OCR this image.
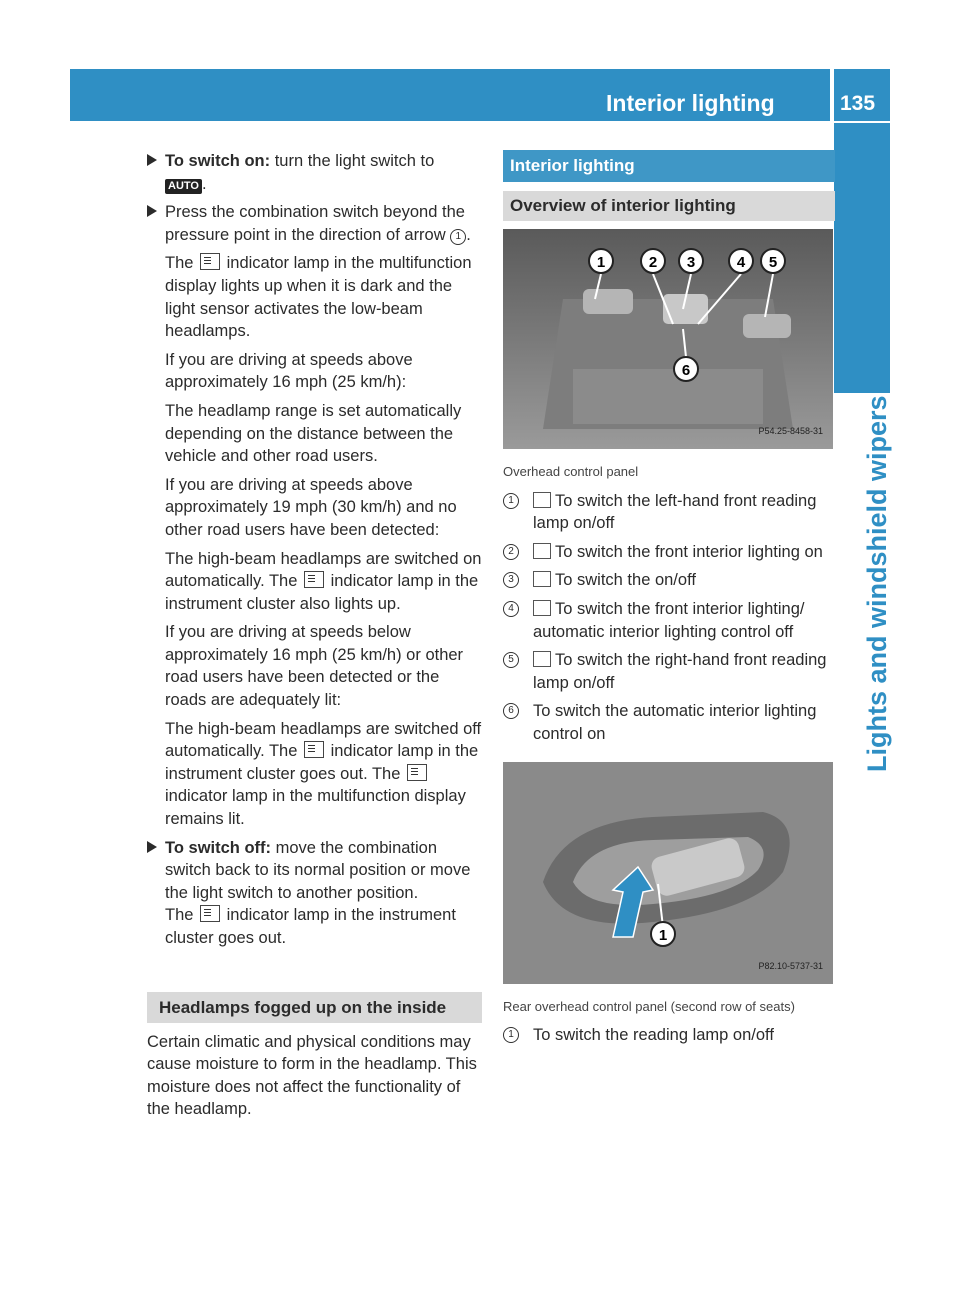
Interior lighting	135
Lights and windshield wipers
To switch on: turn the light switch to
AUTO .
Press the combination switch beyond the pressure point in the direction of arrow 1 .
The indicator lamp in the multifunction display lights up when it is dark and the light sensor activates the low-beam headlamps.
If you are driving at speeds above approximately 16 mph (25 km/h):
The headlamp range is set automatically depending on the distance between the vehicle and other road users.
If you are driving at speeds above approximately 19 mph (30 km/h) and no other road users have been detected:
The high-beam headlamps are switched on automatically. The indicator lamp in the instrument cluster also lights up.
If you are driving at speeds below approximately 16 mph (25 km/h) or other road users have been detected or the roads are adequately lit:
The high-beam headlamps are switched off automatically. The indicator lamp in the instrument cluster goes out. The  indicator lamp in the multifunction display remains lit.
To switch off: move the combination switch back to its normal position or move the light switch to another position.
The indicator lamp in the instrument cluster goes out.
Headlamps fogged up on the inside
Certain climatic and physical conditions may cause moisture to form in the headlamp. This moisture does not affect the functionality of the headlamp.
Interior lighting
Overview of interior lighting
1	2 3	4 5
6
P54.25-8458-31
Overhead control panel
1	To switch the left-hand front reading lamp on/off
2	To switch the front interior lighting on
3	To switch the on/off
4	To switch the front interior lighting/ automatic interior lighting control off
5	To switch the right-hand front reading lamp on/off
6	To switch the automatic interior lighting control on
1
P82.10-5737-31
Rear overhead control panel (second row of seats)
1	To switch the reading lamp on/off
